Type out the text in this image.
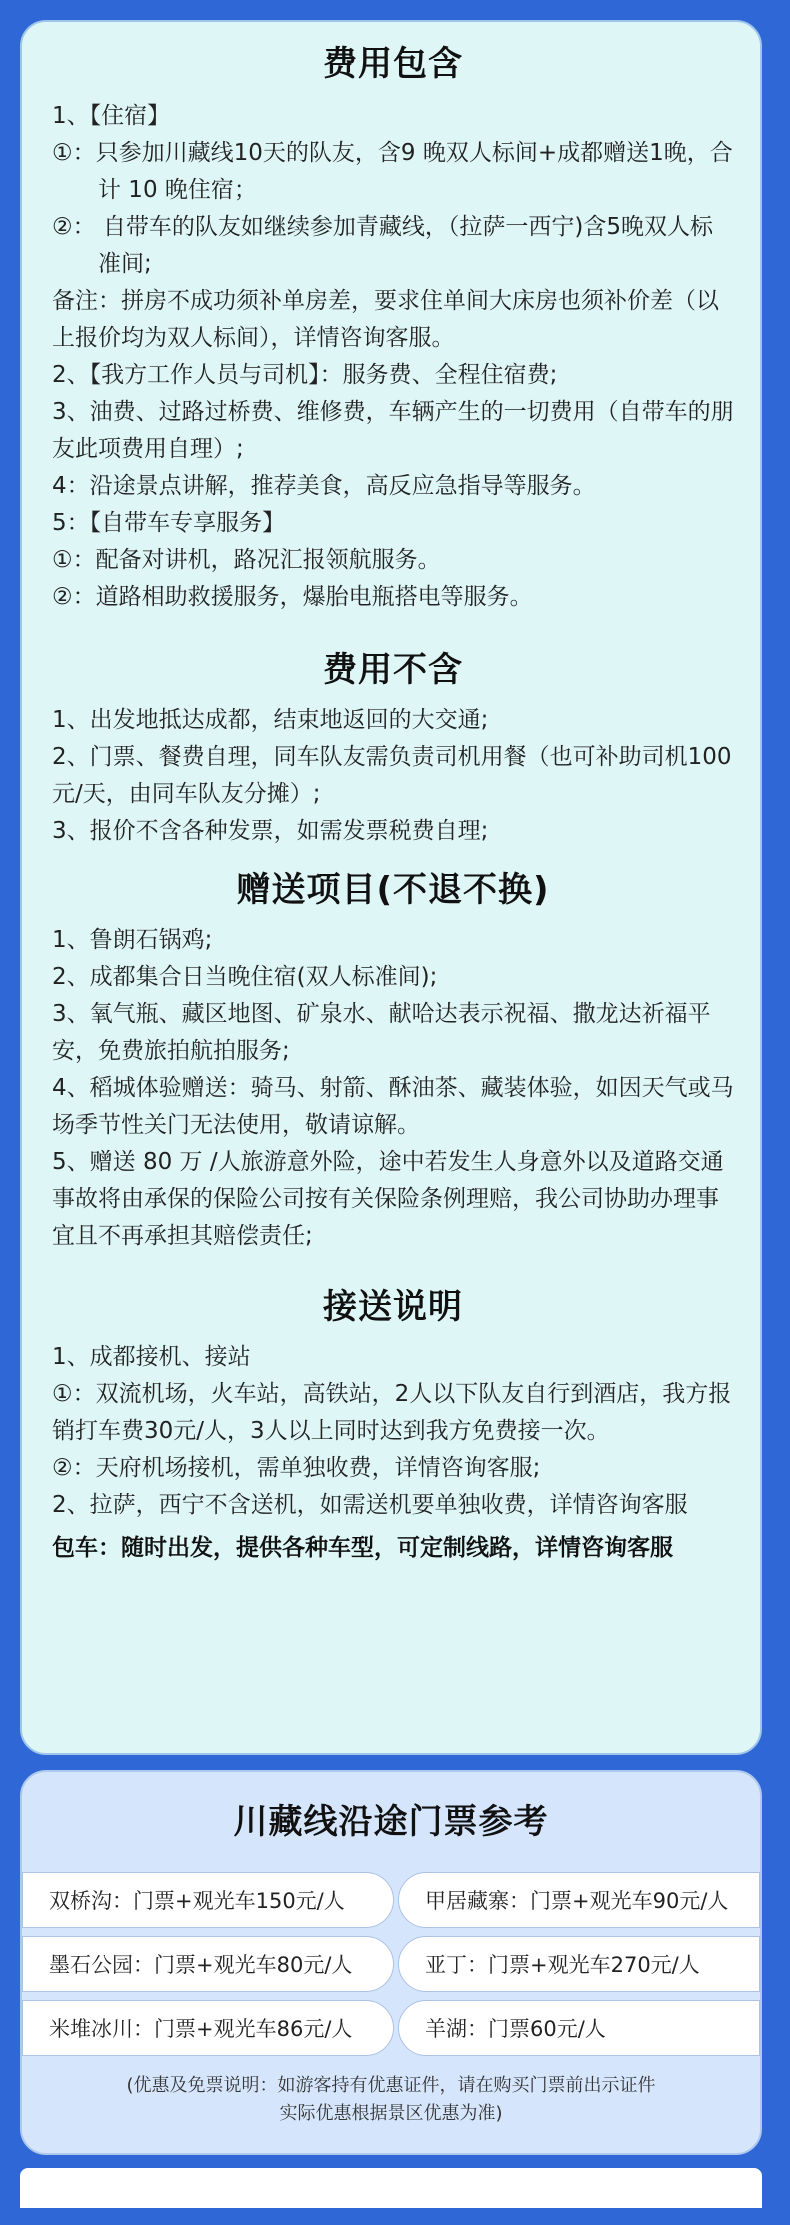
费用包含
1、【住宿】
①：只参加川藏线10天的队友，含9 晚双人标间+成都赠送1晚，合计 10 晚住宿；
②： 自带车的队友如继续参加青藏线，（拉萨一西宁)含5晚双人标准间;
备注：拼房不成功须补单房差，要求住单间大床房也须补价差（以上报价均为双人标间），详情咨询客服。
2、【我方工作人员与司机】：服务费、全程住宿费;
3、油费、过路过桥费、维修费，车辆产生的一切费用（自带车的朋友此项费用自理）;
4：沿途景点讲解，推荐美食，高反应急指导等服务。
5：【自带车专享服务】
①：配备对讲机，路况汇报领航服务。
②：道路相助救援服务，爆胎电瓶搭电等服务。
费用不含
1、出发地抵达成都，结束地返回的大交通;
2、门票、餐费自理，同车队友需负责司机用餐（也可补助司机100元/天，由同车队友分摊）;
3、报价不含各种发票，如需发票税费自理;
赠送项目(不退不换)
1、鲁朗石锅鸡;
2、成都集合日当晚住宿(双人标准间);
3、氧气瓶、藏区地图、矿泉水、献哈达表示祝福、撒龙达祈福平安，免费旅拍航拍服务;
4、稻城体验赠送：骑马、射箭、酥油茶、藏装体验，如因天气或马场季节性关门无法使用，敬请谅解。
5、赠送 80 万 /人旅游意外险，途中若发生人身意外以及道路交通事故将由承保的保险公司按有关保险条例理赔，我公司协助办理事宜且不再承担其赔偿责任;
接送说明
1、成都接机、接站
①：双流机场，火车站，高铁站，2人以下队友自行到酒店，我方报销打车费30元/人，3人以上同时达到我方免费接一次。
②：天府机场接机，需单独收费，详情咨询客服;
2、拉萨，西宁不含送机，如需送机要单独收费，详情咨询客服
包车：随时出发，提供各种车型，可定制线路，详情咨询客服
川藏线沿途门票参考
双桥沟：门票+观光车150元/人	甲居藏寨：门票+观光车90元/人
墨石公园：门票+观光车80元/人	亚丁：门票+观光车270元/人
米堆冰川：门票+观光车86元/人	羊湖：门票60元/人
(优惠及免票说明：如游客持有优惠证件，请在购买门票前出示证件
实际优惠根据景区优惠为准)
